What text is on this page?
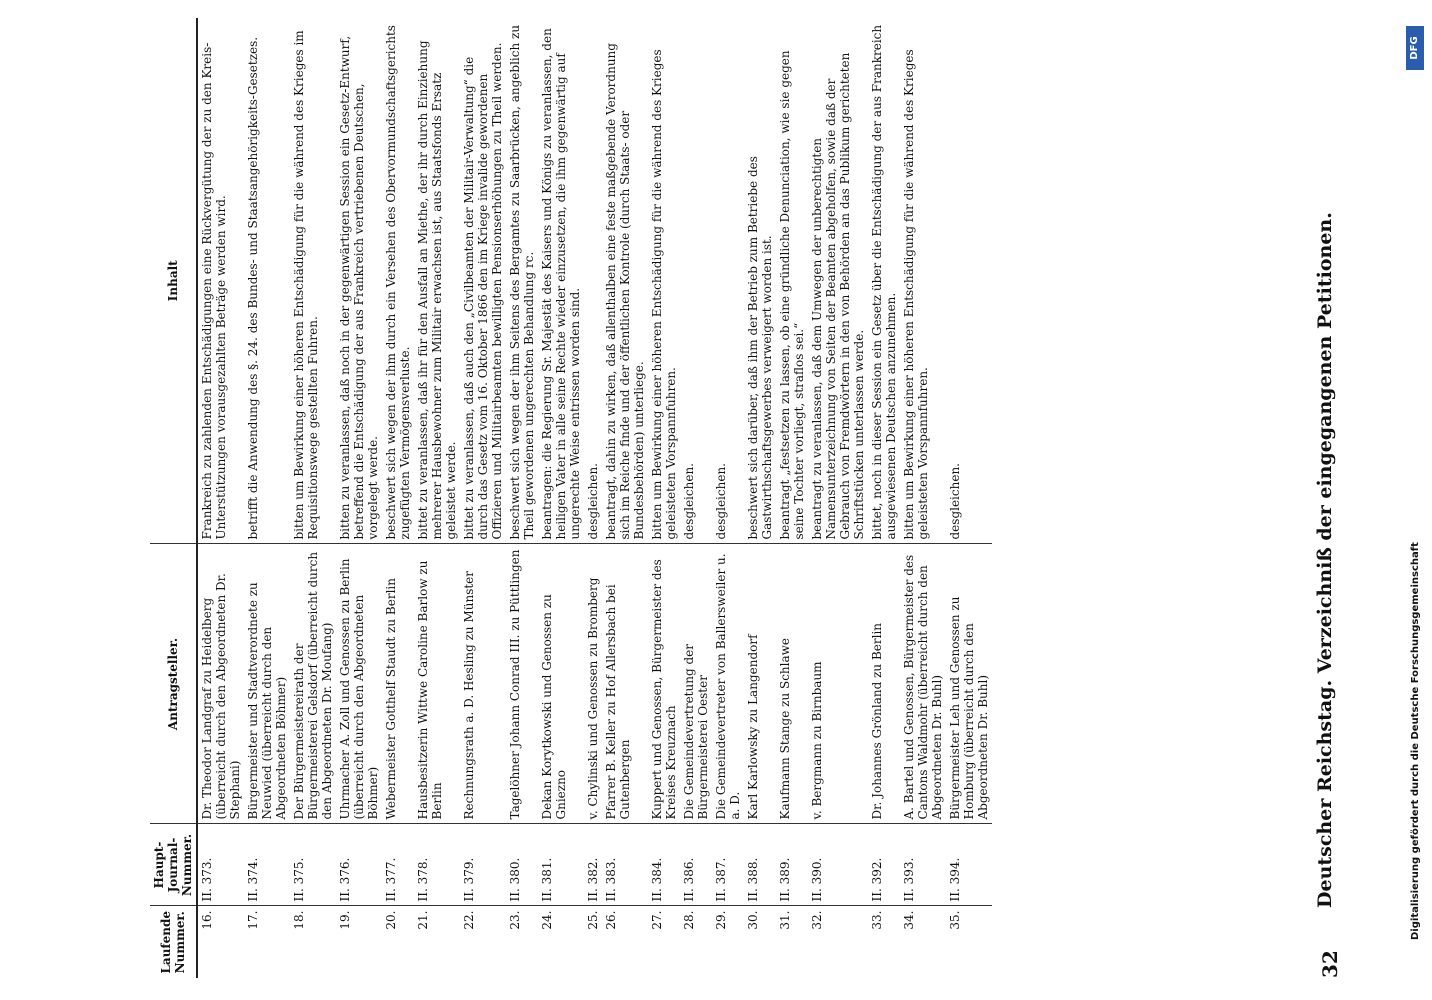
32
Deutscher Reichstag. Verzeichniß der eingegangenen Petitionen.
Laufende Nummer.	Haupt-Journal-Nummer.	Antragsteller.	Inhalt
16.	II. 373.	Dr. Theodor Landgraf zu Heidelberg (überreicht durch den Abgeordneten Dr. Stephani)	Frankreich zu zahlenden Entschädigungen eine Rückvergütung der zu den Kreis-Unterstützungen vorausgezahlten Beträge werden wird.
17.	II. 374.	Bürgermeister und Stadtverordnete zu Neuwied (überreicht durch den Abgeordneten Böhmer)	betrifft die Anwendung des §. 24. des Bundes- und Staatsangehörigkeits-Gesetzes.
18.	II. 375.	Der Bürgermeistereirath der Bürgermeisterei Gelsdorf (überreicht durch den Abgeordneten Dr. Moufang)	bitten um Bewirkung einer höheren Entschädigung für die während des Krieges im Requisitionswege gestellten Fuhren.
19.	II. 376.	Uhrmacher A. Zoll und Genossen zu Berlin (überreicht durch den Abgeordneten Böhmer)	bitten zu veranlassen, daß noch in der gegenwärtigen Session ein Gesetz-Entwurf, betreffend die Entschädigung der aus Frankreich vertriebenen Deutschen, vorgelegt werde.
20.	II. 377.	Webermeister Gotthelf Staudt zu Berlin	beschwert sich wegen der ihm durch ein Versehen des Obervormundschaftsgerichts zugefügten Vermögensverluste.
21.	II. 378.	Hausbesitzerin Wittwe Caroline Barlow zu Berlin	bittet zu veranlassen, daß ihr für den Ausfall an Miethe, der ihr durch Einziehung mehrerer Hausbewohner zum Militair erwachsen ist, aus Staatsfonds Ersatz geleistet werde.
22.	II. 379.	Rechnungsrath a. D. Hesling zu Münster	bittet zu veranlassen, daß auch den „Civilbeamten der Militair-Verwaltung“ die durch das Gesetz vom 16. Oktober 1866 den im Kriege invalide gewordenen Offizieren und Militairbeamten bewilligten Pensionserhöhungen zu Theil werden.
23.	II. 380.	Tagelöhner Johann Conrad III. zu Püttlingen	beschwert sich wegen der ihm Seitens des Bergamtes zu Saarbrücken, angeblich zu Theil gewordenen ungerechten Behandlung rc.
24.	II. 381.	Dekan Korytkowski und Genossen zu Gniezno	beantragen: die Regierung Sr. Majestät des Kaisers und Königs zu veranlassen, den heiligen Vater in alle seine Rechte wieder einzusetzen, die ihm gegenwärtig auf ungerechte Weise entrissen worden sind.
25.	II. 382.	v. Chylinski und Genossen zu Bromberg	desgleichen.
26.	II. 383.	Pfarrer B. Keller zu Hof Allersbach bei Gutenbergen	beantragt, dahin zu wirken, daß allenthalben eine feste maßgebende Verordnung sich im Reiche finde und der öffentlichen Kontrole (durch Staats- oder Bundesbehörden) unterliege.
27.	II. 384.	Kuppert und Genossen, Bürgermeister des Kreises Kreuznach	bitten um Bewirkung einer höheren Entschädigung für die während des Krieges geleisteten Vorspannfuhren.
28.	II. 386.	Die Gemeindevertretung der Bürgermeisterei Oester	desgleichen.
29.	II. 387.	Die Gemeindevertreter von Ballersweiler u. a. D.	desgleichen.
30.	II. 388.	Karl Karlowsky zu Langendorf	beschwert sich darüber, daß ihm der Betrieb zum Betriebe des Gastwirthschaftsgewerbes verweigert worden ist.
31.	II. 389.	Kaufmann Stange zu Schlawe	beantragt „festsetzen zu lassen, ob eine gründliche Denunciation, wie sie gegen seine Tochter vorliegt, straflos sei.“
32.	II. 390.	v. Bergmann zu Birnbaum	beantragt zu veranlassen, daß dem Umwegen der unberechtigten Namensunterzeichnung von Seiten der Beamten abgeholfen, sowie daß der Gebrauch von Fremdwörtern in den von Behörden an das Publikum gerichteten Schriftstücken unterlassen werde.
33.	II. 392.	Dr. Johannes Grönland zu Berlin	bittet, noch in dieser Session ein Gesetz über die Entschädigung der aus Frankreich ausgewiesenen Deutschen anzunehmen.
34.	II. 393.	A. Bartel und Genossen, Bürgermeister des Cantons Waldmohr (überreicht durch den Abgeordneten Dr. Buhl)	bitten um Bewirkung einer höheren Entschädigung für die während des Krieges geleisteten Vorspannfuhren.
35.	II. 394.	Bürgermeister Leh und Genossen zu Homburg (überreicht durch den Abgeordneten Dr. Buhl)	desgleichen.
Digitalisierung gefördert durch die Deutsche Forschungsgemeinschaft
DFG
